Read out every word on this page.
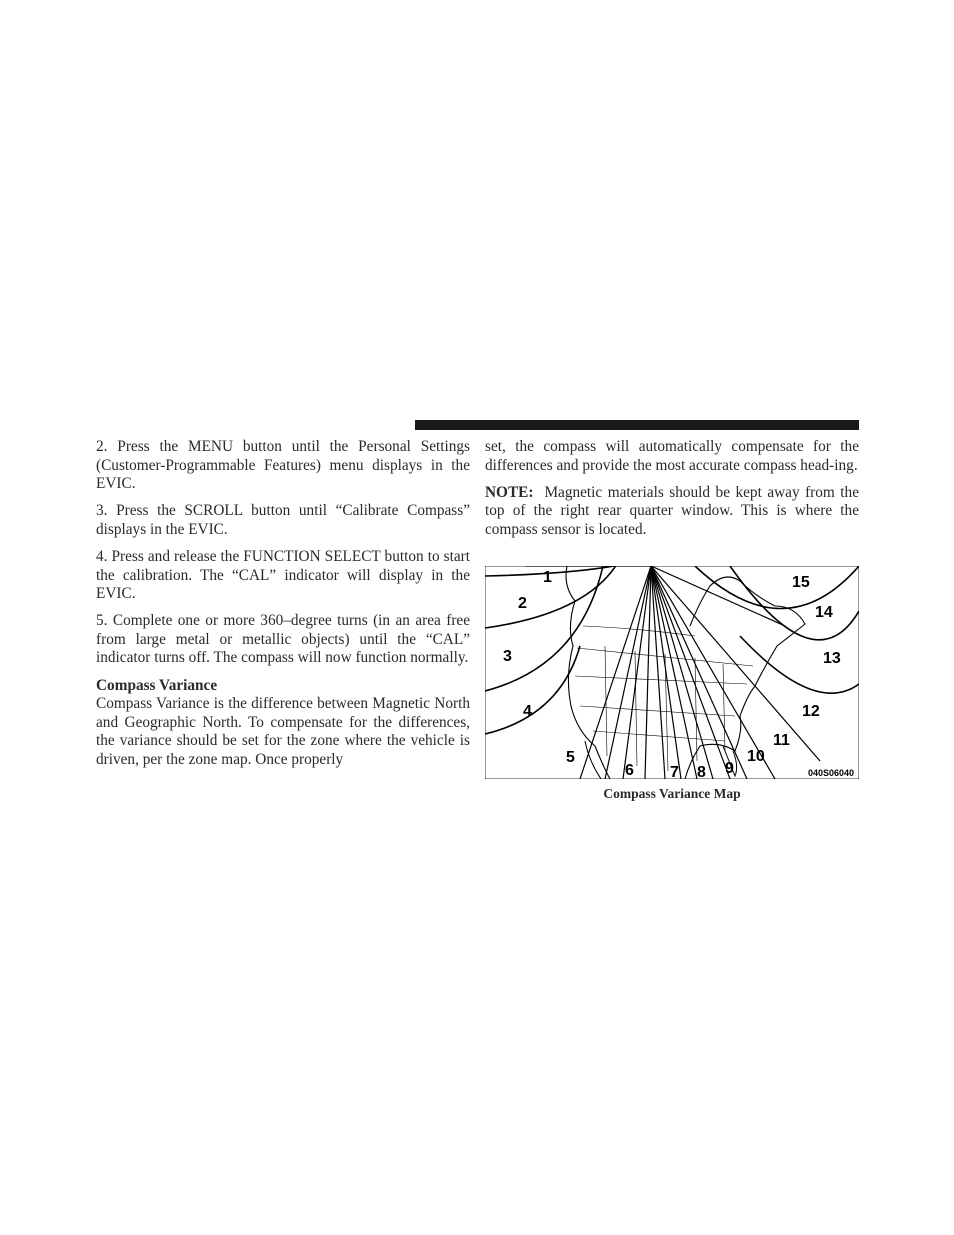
2. Press the MENU button until the Personal Settings (Customer-Programmable Features) menu displays in the EVIC.

3. Press the SCROLL button until “Calibrate Compass” displays in the EVIC.

4. Press and release the FUNCTION SELECT button to start the calibration. The “CAL” indicator will display in the EVIC.

5. Complete one or more 360–degree turns (in an area free from large metal or metallic objects) until the “CAL” indicator turns off. The compass will now function normally.

Compass Variance

Compass Variance is the difference between Magnetic North and Geographic North. To compensate for the differences, the variance should be set for the zone where the vehicle is driven, per the zone map. Once properly

set, the compass will automatically compensate for the differences and provide the most accurate compass head-ing.

NOTE: Magnetic materials should be kept away from the top of the right rear quarter window. This is where the compass sensor is located.

1
2
3
4
5
6 7 8 9
10
11
12
13
14
15
040S06040
Compass Variance Map
